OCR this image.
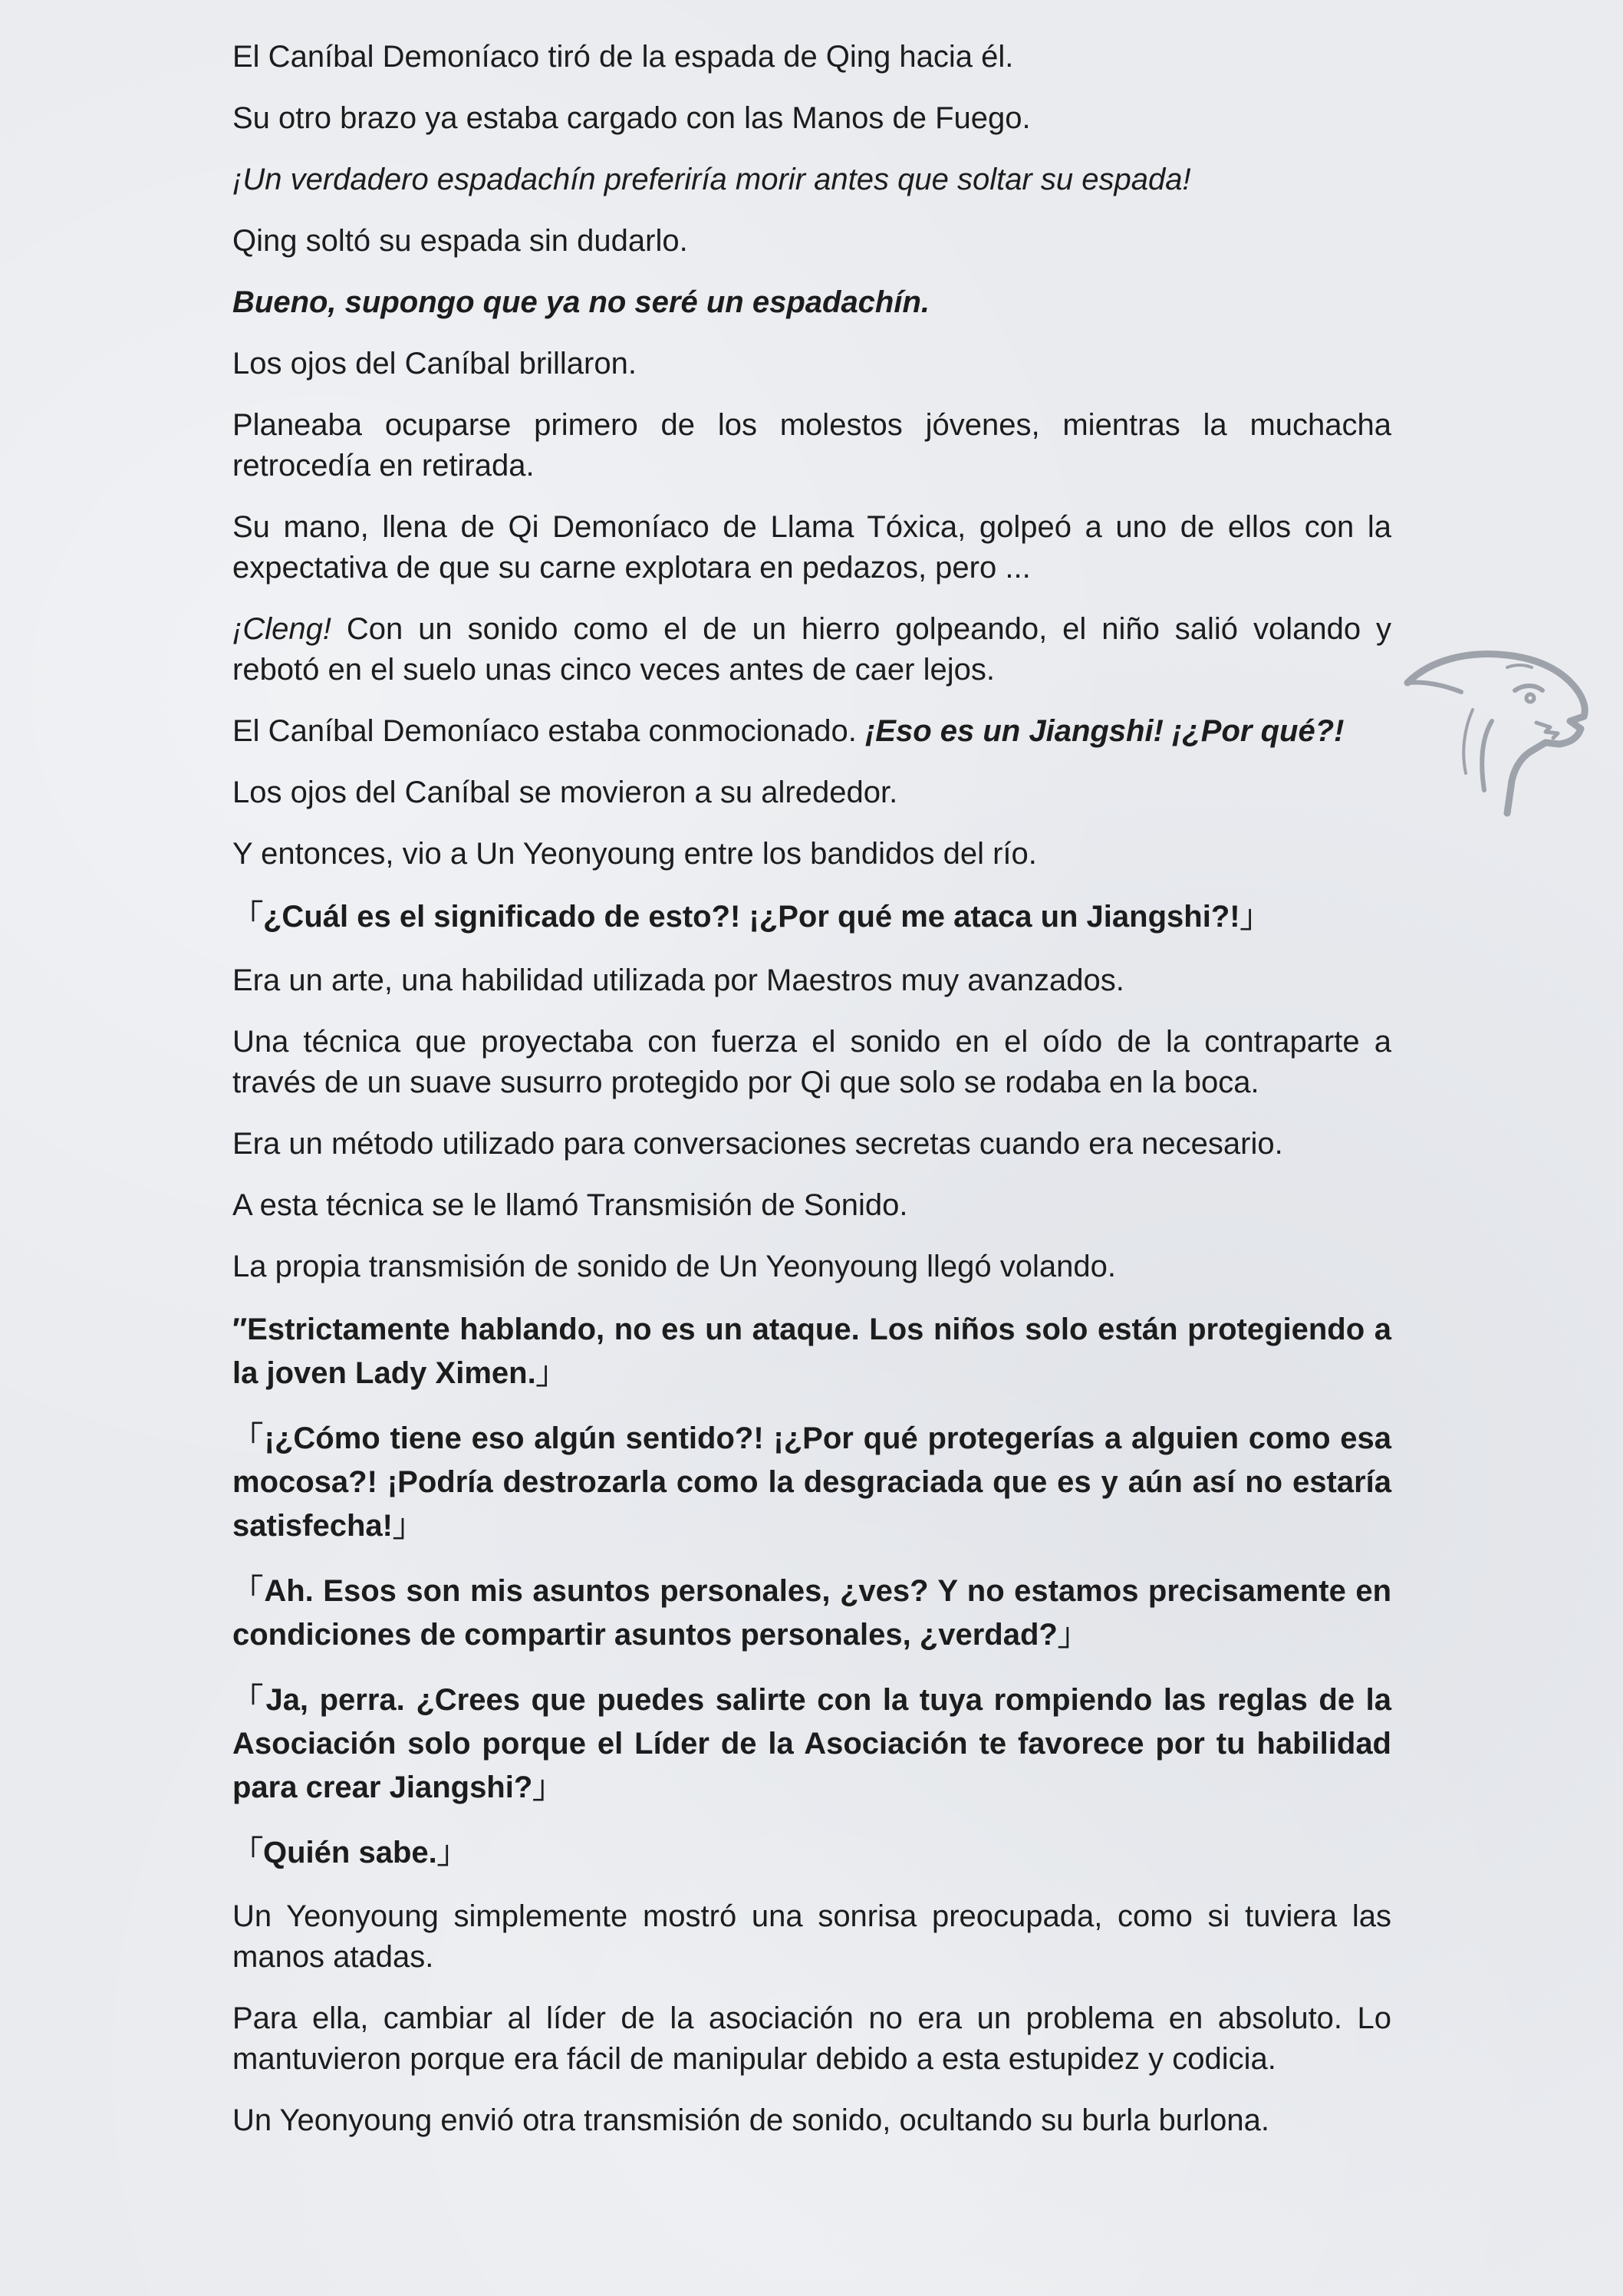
El Caníbal Demoníaco tiró de la espada de Qing hacia él.

Su otro brazo ya estaba cargado con las Manos de Fuego.

¡Un verdadero espadachín preferiría morir antes que soltar su espada!

Qing soltó su espada sin dudarlo.

Bueno, supongo que ya no seré un espadachín.

Los ojos del Caníbal brillaron.

Planeaba ocuparse primero de los molestos jóvenes, mientras la muchacha retrocedía en retirada.

Su mano, llena de Qi Demoníaco de Llama Tóxica, golpeó a uno de ellos con la expectativa de que su carne explotara en pedazos, pero ...

¡Cleng! Con un sonido como el de un hierro golpeando, el niño salió volando y rebotó en el suelo unas cinco veces antes de caer lejos.

El Caníbal Demoníaco estaba conmocionado. ¡Eso es un Jiangshi! ¡¿Por qué?!

Los ojos del Caníbal se movieron a su alrededor.

Y entonces, vio a Un Yeonyoung entre los bandidos del río.

「¿Cuál es el significado de esto?! ¡¿Por qué me ataca un Jiangshi?!」

Era un arte, una habilidad utilizada por Maestros muy avanzados.

Una técnica que proyectaba con fuerza el sonido en el oído de la contraparte a través de un suave susurro protegido por Qi que solo se rodaba en la boca.

Era un método utilizado para conversaciones secretas cuando era necesario.

A esta técnica se le llamó Transmisión de Sonido.

La propia transmisión de sonido de Un Yeonyoung llegó volando.

″Estrictamente hablando, no es un ataque. Los niños solo están protegiendo a la joven Lady Ximen.」

「¡¿Cómo tiene eso algún sentido?! ¡¿Por qué protegerías a alguien como esa mocosa?! ¡Podría destrozarla como la desgraciada que es y aún así no estaría satisfecha!」

「Ah. Esos son mis asuntos personales, ¿ves? Y no estamos precisamente en condiciones de compartir asuntos personales, ¿verdad?」

「Ja, perra. ¿Crees que puedes salirte con la tuya rompiendo las reglas de la Asociación solo porque el Líder de la Asociación te favorece por tu habilidad para crear Jiangshi?」

「Quién sabe.」

Un Yeonyoung simplemente mostró una sonrisa preocupada, como si tuviera las manos atadas.

Para ella, cambiar al líder de la asociación no era un problema en absoluto. Lo mantuvieron porque era fácil de manipular debido a esta estupidez y codicia.

Un Yeonyoung envió otra transmisión de sonido, ocultando su burla burlona.
